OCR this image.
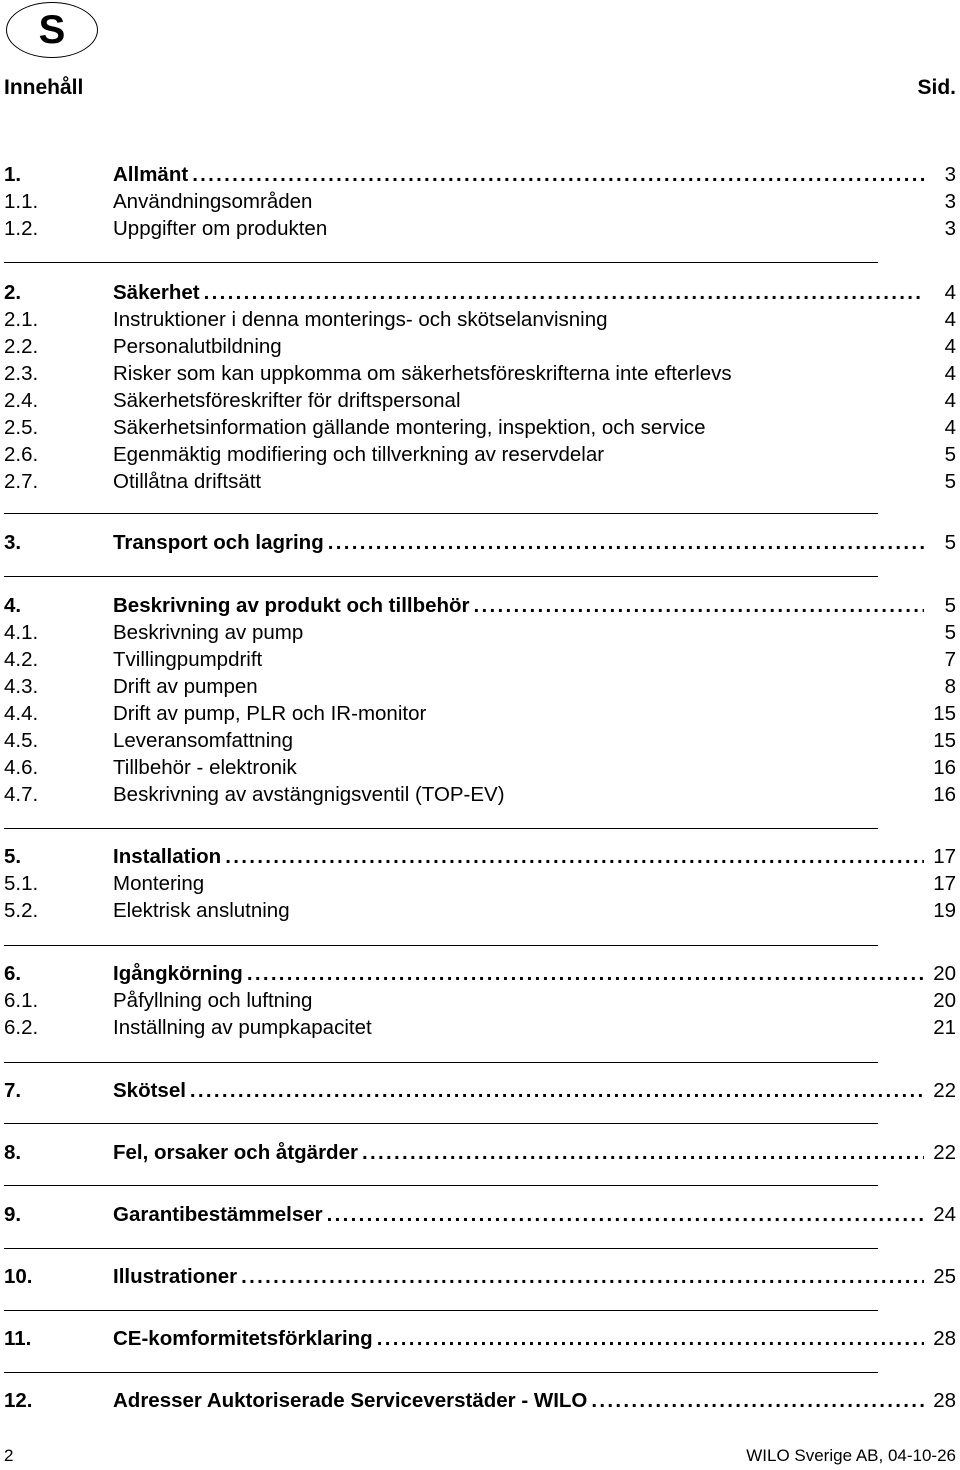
S
Innehåll	Sid.
1.	Allmänt .....	3
1.1.	Användningsområden	3
1.2.	Uppgifter om produkten	3
2.	Säkerhet .....	4
2.1.	Instruktioner i denna monterings- och skötselanvisning	4
2.2.	Personalutbildning	4
2.3.	Risker som kan uppkomma om säkerhetsföreskrifterna inte efterlevs	4
2.4.	Säkerhetsföreskrifter för driftspersonal	4
2.5.	Säkerhetsinformation gällande montering, inspektion, och service	4
2.6.	Egenmäktig modifiering och tillverkning av reservdelar	5
2.7.	Otillåtna driftsätt	5
3.	Transport och lagring .....	5
4.	Beskrivning av produkt och tillbehör .....	5
4.1.	Beskrivning av pump	5
4.2.	Tvillingpumpdrift	7
4.3.	Drift av pumpen	8
4.4.	Drift av pump, PLR och IR-monitor	15
4.5.	Leveransomfattning	15
4.6.	Tillbehör - elektronik	16
4.7.	Beskrivning av avstängnigsventil (TOP-EV)	16
5.	Installation .....	17
5.1.	Montering	17
5.2.	Elektrisk anslutning	19
6.	Igångkörning .....	20
6.1.	Påfyllning och luftning	20
6.2.	Inställning av pumpkapacitet	21
7.	Skötsel .....	22
8.	Fel, orsaker och åtgärder .....	22
9.	Garantibestämmelser .....	24
10.	Illustrationer .....	25
11.	CE-komformitetsförklaring .....	28
12.	Adresser Auktoriserade Serviceverstäder - WILO .....	28
2	WILO Sverige AB, 04-10-26
